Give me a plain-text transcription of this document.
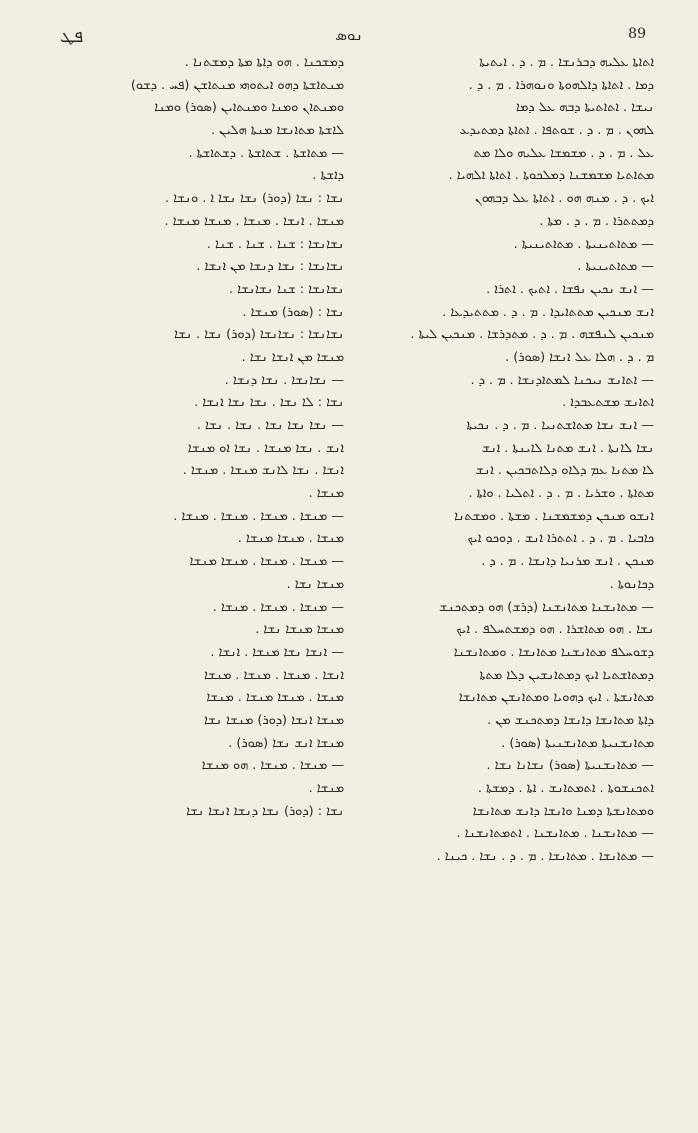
ܦܛ	ܢܘܣ	89
ܕܡܫܟܢܐ . ܗܘ ܕܐܬܐ ܡܬܐ ܕܡܫܬܢܐ .
ܡܢܬܐܫܬܐ ܕܗܘ ܐܝܬܘܗܝ ܡܢܬܐܫܢ (ܦܚ . ܕܫܘ)
ܘܡܢܬܐܢ ܘܡܢܐ ܘܡܢܬܐܝܢ (ܣܘܪ) ܘܡܢܐ
ܠܐܫܬܐ ܡܬܐܢܫܐ ܡܢܬܐ ܗܠܝܢ .
— ܡܬܐܫܬܐ . ܫܬܐܫܬܐ . ܕܫܬܐܫܬܐ .
ܕܐܫܬܐ .
ܢܫܐ : ܢܫܐ (ܕܘܪ) ܢܫܐ ܢܫܐ ܐ . ܘܢܫܐ .
ܡܢܫܐ . ܐܢܫܐ . ܡܢܫܐ . ܡܢܫܐ ܡܢܫܐ .
ܢܫܐܢܫܐ : ܫܢܐ . ܫܢܐ . ܫܢܐ .
ܢܫܐܢܫܐ : ܢܫܐ ܕܢܫܐ ܡܢ ܐܢܫܐ .
ܢܫܐܢܫܐ : ܫܢܐ ܢܫܐܢܫܐ .
ܢܫܐ : (ܣܘܪ) ܡܢܫܐ .
ܢܫܐܢܫܐ : ܢܫܐܢܫܐ (ܕܘܪ) ܢܫܐ . ܢܫܐ
ܡܢܫܐ ܡܢ ܐܢܫܐ ܢܫܐ .
— ܢܫܐܢܫܐ . ܢܫܐ ܕܢܫܐ .
ܢܫܐ : ܠܐ ܢܫܐ . ܢܫܐ ܢܫܐ ܐܢܫܐ .
— ܢܫܐ ܢܫܐ ܢܫܐ . ܢܫܐ . ܢܫܐ .
ܐܢܫ . ܢܫܐ ܡܢܫܐ . ܢܫܐ ܐܘ ܡܢܫܐ
ܐܢܫܐ . ܢܫܐ ܠܐܢܫ ܡܢܫܐ . ܡܢܫܐ .
ܡܢܫܐ .
— ܡܢܫܐ . ܡܢܫܐ . ܡܢܫܐ . ܡܢܫܐ .
ܡܢܫܐ . ܡܢܫܐ ܡܢܫܐ .
— ܡܢܫܐ . ܡܢܫܐ . ܡܢܫܐ ܡܢܫܐ
ܡܢܫܐ ܢܫܐ .
— ܡܢܫܐ . ܡܢܫܐ . ܡܢܫܐ .
ܡܢܫܐ ܡܢܫܐ ܢܫܐ .
— ܐܢܫܐ ܢܫܐ ܡܢܫܐ . ܐܢܫܐ .
ܐܢܫܐ . ܡܢܫܐ . ܡܢܫܐ . ܡܢܫܐ
ܡܢܫܐ . ܡܢܫܐ ܡܢܫܐ . ܡܢܫܐ
ܡܢܫܐ ܐܢܫܐ (ܕܘܪ) ܡܢܫܐ ܢܫܐ
ܡܢܫܐ ܐܢܫ ܢܫܐ (ܣܘܪ) .
— ܡܢܫܐ . ܡܢܫܐ . ܗܘ ܡܢܫܐ
ܡܢܫܐ .
ܢܫܐ : (ܕܘܪ) ܢܫܐ ܕܢܫܐ ܐܢܫܐ ܢܫܐ
ܐܬܐܬܐ ܥܠܝܗ ܕܒܪܢܫܐ . ܡ . ܕ . ܐܝܬܝܬܐ
ܕܡܐ . ܐܬܐܬܐ ܕܐܠܗܘܬܐ ܘܢܘܗܪܐ . ܡ . ܕ .
ܢܝܫܐ . ܐܬܐܬܝܬܐ ܕܒܗ ܥܠ ܕܡܐ
ܠܗܘܢ . ܡ . ܕ . ܫܘܬܦܐ . ܐܬܐܬܐ ܕܡܬܝܕܥ
ܥܠ . ܡ . ܕ . ܡܫܡܫܐ ܥܠܝܗ ܘܠܐ ܡܬ
ܡܬܐܬܝܐ ܡܫܡܫܢܐ ܕܡܠܟܘܬܐ . ܐܬܐܬܐ ܐܠܗܝܐ .
ܐܝܟ . ܕ . ܡܢܗ ܗܘ . ܐܬܐܬܐ ܥܠ ܕܒܗܘܢ
ܕܡܬܬܪܐ . ܡ . ܕ . ܡܬܐ .
— ܡܬܐܬܝܢܝܬܐ . ܡܬܐܬܝܢܝܬܐ .
— ܡܬܐܬܝܢܝܬܐ .
— ܐܢܫ ܢܟܝܢ ܢܦܫܐ . ܐܬܝܟ . ܐܬܪܐ .
ܐܢܫ ܡܢܟܝܢ ܡܬܬܐܝܕܐ . ܡ . ܕ . ܡܬܬܝܕܥܐ .
ܡܢܟܝܢ ܠܢܦܫܗ . ܡ . ܕ . ܡܬܕܪܫܐ . ܡܢܟܝܢ ܠܝܬܐ .
ܡ . ܕ . ܗܠܐ ܥܠ ܐܢܫܐ (ܣܘܪ) .
— ܐܬܐܢܫ ܢܝܟܢܐ ܠܡܬܐܕܢܫܐ . ܡ . ܕ .
ܐܬܐܢܫ ܡܫܬܥܒܕܐ .
— ܐܢܫ ܢܫܐ ܡܬܐܫܬܢܝܐ . ܡ . ܕ . ܢܟܝܬܐ
ܢܫܐ ܠܐܢܬܐ . ܐܢܫ ܡܬܢܐ ܠܐܝܢܬܐ . ܐܢܫ
ܠܐ ܡܬܢܐ ܥܡ ܕܠܐܘ ܕܠܐܬܒܟܝܢ . ܐܢܫ
ܡܬܐܬܐ . ܘܫܪܝܐ . ܡ . ܕ . ܐܬܠܝܐ . ܘܐܬܐ .
ܐܢܫܘ ܡܢܟܢ ܕܡܫܡܫܢܐ . ܡܫܬܐ . ܘܡܫܬܢܐ
ܟܐܒܝܐ . ܡ . ܕ . ܐܬܬܪܐ ܐܢܫ . ܕܘܟܘ ܐܝܟ
ܡܢܟܢ . ܐܢܫ ܡܪܢܝܐ ܕܐܢܫܐ . ܡ . ܕ .
ܕܟܐܢܘܬܐ .
— ܡܬܐܢܫܢܐ ܡܬܐܢܫܢܐ (ܕܪܫ) ܗܘ ܕܡܬܟܢܫ
ܢܫܐ . ܗܘ ܡܬܐܫܪܐ . ܗܘ ܕܡܫܬܚܠܦ . ܐܝܟ
ܕܫܘܚܠܦ ܡܬܐܢܫܢܐ ܡܬܐܢܫܐ . ܘܡܬܐܢܫܢܐ
ܕܡܬܐܫܬܝܐ ܐܝܟ ܕܡܬܐܢܫܝܢ ܕܠܐ ܡܬܬܐ
ܡܬܐܢܫܬܐ . ܐܝܟ ܕܗܘܝܐ ܘܡܬܐܢܫܢ ܡܬܐܢܫܐ
ܕܐܬܐ ܡܬܐܢܫܐ ܕܐܢܫܐ ܕܡܬܟܢܫ ܡܢ .
ܡܬܐܢܫܢܝܬܐ ܡܬܐܢܫܢܝܬܐ (ܣܘܪ) .
— ܡܬܐܢܫܢܝܬܐ (ܣܘܪ) ܢܫܐܢܐ ܢܫܐ .
ܐܬܟܢܫܘܬܐ . ܐܬܡܬܐܢܫ . ܐܬܐ . ܕܡܫܬܐ .
ܘܡܬܐܢܫܬܐ ܕܡܢܐ ܘܐܢܫܐ ܕܐܢܫ ܡܬܐܢܫܐ
— ܡܬܐܢܫܢܐ . ܡܬܐܢܫܢܐ . ܐܬܡܬܐܢܫܢܐ .
— ܡܬܐܢܫܐ . ܡܬܐܢܫܐ . ܡ . ܕ . ܢܫܐ . ܟܝܢܐ .
